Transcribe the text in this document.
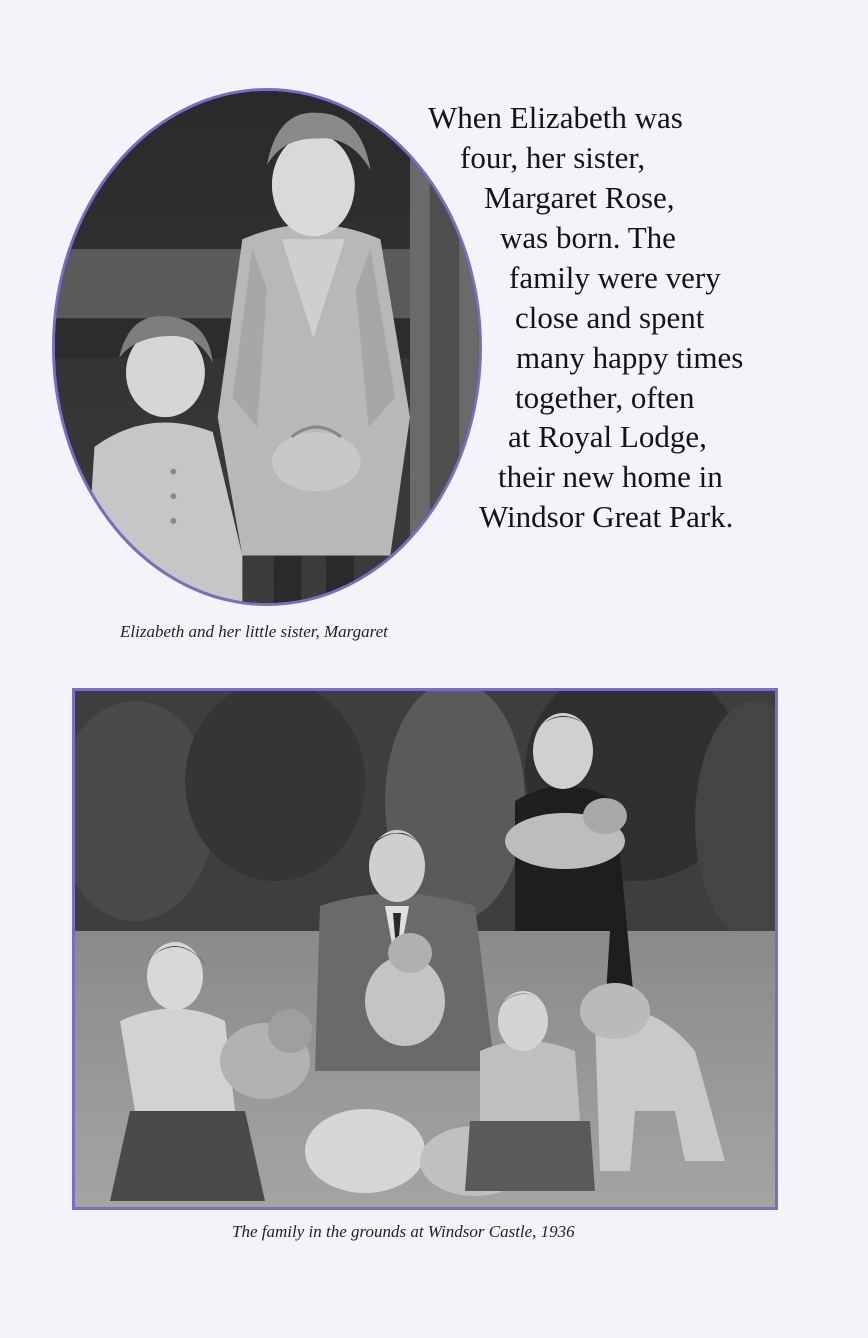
When Elizabeth was
four, her sister,
Margaret Rose,
was born. The
family were very
close and spent
many happy times
together, often
at Royal Lodge,
their new home in
Windsor Great Park.
Elizabeth and her little sister, Margaret
The family in the grounds at Windsor Castle, 1936
